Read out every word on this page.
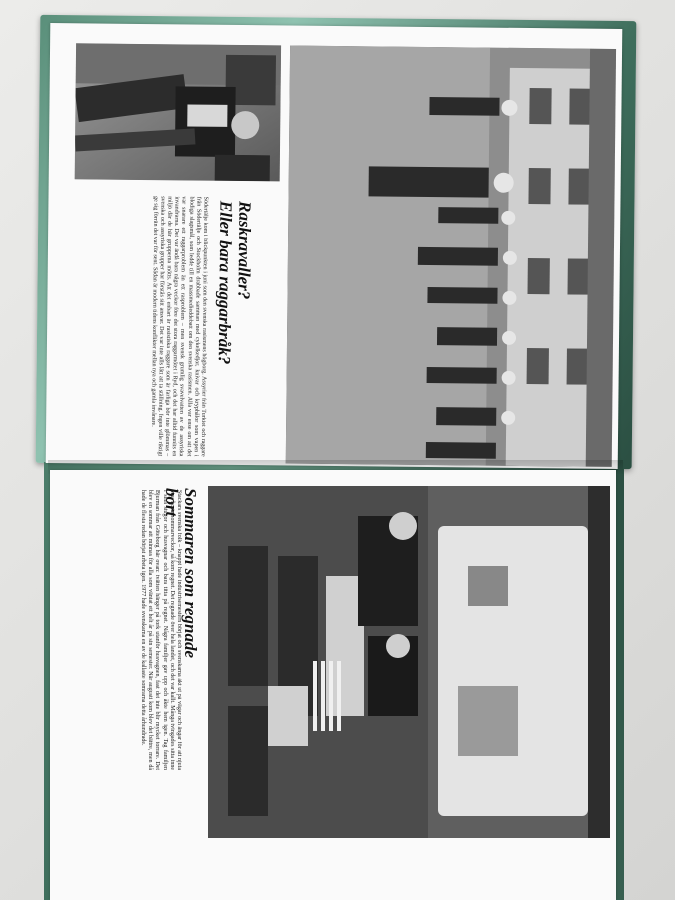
Raskravaller?
Eller bara raggarbråk?
Södertälje kom i blickpunkten i juni som den svenska rasismens högborg. Assyrier från Turkiet och raggare från Södertälje och Stockholm drabbade samman med cykelkedjor, knivar och kryphålor som vapen i blodiga slagsmål, som ledde till en massmedieddebatt om den svenska rasismen. Alla var ense om att det var snarare ett raggarproblem än ett rasproblem – men svensk grumlig svavelvatten av de assyriska invandrarna. Det var ändå bara några veckor före det stora raggarmötet i Ryd, och det har alltid funnits en miljö där de här grupperna mötts. Att det enbart är rasistiska raggare som är farliga bör inte glömmas – svenska och assyriska grupper har förstås sitt ansvar. Det var inte alls lätt att ta ställning. Ingen ville riktigt ge sig förrän det var för sent. Sådan är modern tidens konflikter mellan nya och gamla invånare.
Sommaren som regnade
bort
Stackars svenska folk – knappt hade industrisemestern börjat och svenskarna åkt ut på vägar och ängar för att njuta sina korta sommarveckor, så kom regnet. Det regnade över hela landet, och det var kallt. Många tvingades sitta inne i sina stugor och husvagnar och bara titta på regnet. Några familjer gav upp och åkte hem igen. Tag familjen Bjurman från Göteborg här ovan: tvätten hänger på tork utanför husvagnen, fast det inte blir mycket torrare. Det blev en sommar att minnas för alla som väntat ett helt år på sin semester. När augusti kom blev det bättre, men då hade de flesta redan börjat arbeta igen. 1977 hade svenskarna en av de kallaste somrarna detta århundrade.
